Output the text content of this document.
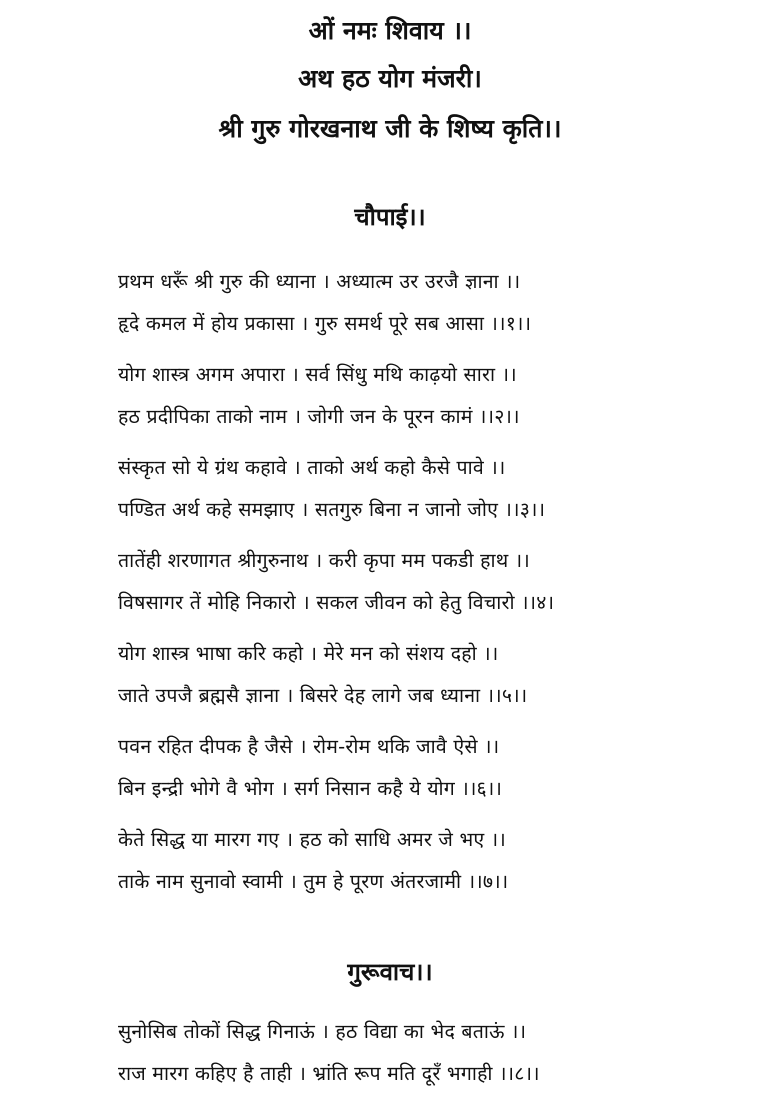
ओं नमः शिवाय ।।
अथ हठ योग मंजरी।
श्री गुरु गोरखनाथ जी के शिष्य कृति।।
चौपाई।।
प्रथम धरूँ श्री गुरु की ध्याना । अध्यात्म उर उरजै ज्ञाना ।।
हृदे कमल में होय प्रकासा । गुरु समर्थ पूरे सब आसा ।।१।।
योग शास्त्र अगम अपारा । सर्व सिंधु मथि काढ़यो सारा ।।
हठ प्रदीपिका ताको नाम । जोगी जन के पूरन कामं ।।२।।
संस्कृत सो ये ग्रंथ कहावे । ताको अर्थ कहो कैसे पावे ।।
पण्डित अर्थ कहे समझाए । सतगुरु बिना न जानो जोए ।।३।।
तातेंही शरणागत श्रीगुरुनाथ । करी कृपा मम पकडी हाथ ।।
विषसागर तें मोहि निकारो । सकल जीवन को हेतु विचारो ।।४।
योग शास्त्र भाषा करि कहो । मेरे मन को संशय दहो ।।
जाते उपजै ब्रह्मसै ज्ञाना । बिसरे देह लागे जब ध्याना ।।५।।
पवन रहित दीपक है जैसे । रोम-रोम थकि जावै ऐसे ।।
बिन इन्द्री भोगे वै भोग । सर्ग निसान कहै ये योग ।।६।।
केते सिद्ध या मारग गए । हठ को साधि अमर जे भए ।।
ताके नाम सुनावो स्वामी । तुम हे पूरण अंतरजामी ।।७।।
गुरूवाच।।
सुनोसिब तोकों सिद्ध गिनाऊं । हठ विद्या का भेद बताऊं ।।
राज मारग कहिए है ताही । भ्रांति रूप मति दूरँ भगाही ।।८।।
